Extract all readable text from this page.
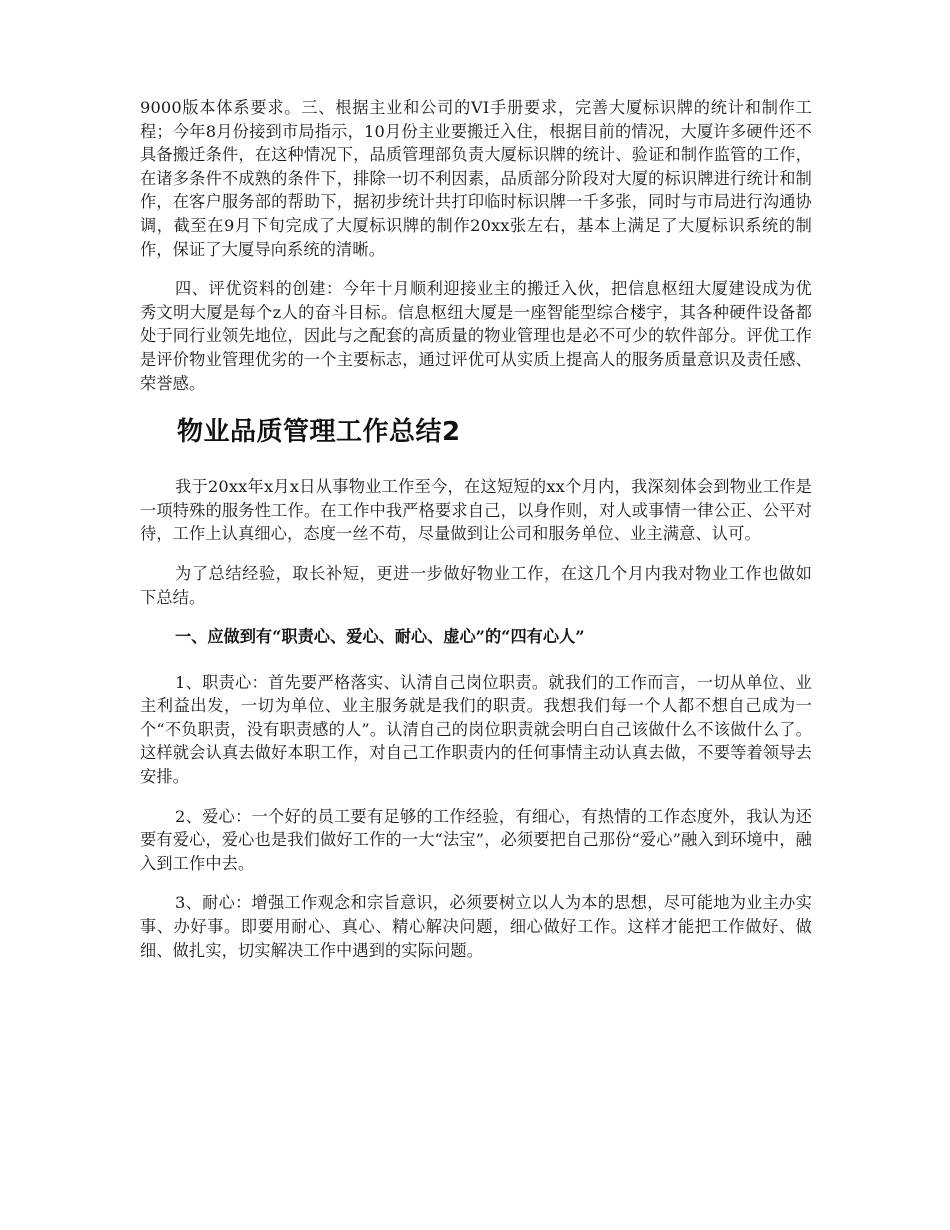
9000版本体系要求。三、根据主业和公司的VI手册要求，完善大厦标识牌的统计和制作工程；今年8月份接到市局指示，10月份主业要搬迁入住，根据目前的情况，大厦许多硬件还不具备搬迁条件，在这种情况下，品质管理部负责大厦标识牌的统计、验证和制作监管的工作，在诸多条件不成熟的条件下，排除一切不利因素，品质部分阶段对大厦的标识牌进行统计和制作，在客户服务部的帮助下，据初步统计共打印临时标识牌一千多张，同时与市局进行沟通协调，截至在9月下旬完成了大厦标识牌的制作20xx张左右，基本上满足了大厦标识系统的制作，保证了大厦导向系统的清晰。

四、评优资料的创建：今年十月顺利迎接业主的搬迁入伙，把信息枢纽大厦建设成为优秀文明大厦是每个z人的奋斗目标。信息枢纽大厦是一座智能型综合楼宇，其各种硬件设备都处于同行业领先地位，因此与之配套的高质量的物业管理也是必不可少的软件部分。评优工作是评价物业管理优劣的一个主要标志，通过评优可从实质上提高人的服务质量意识及责任感、荣誉感。

物业品质管理工作总结2

我于20xx年x月x日从事物业工作至今，在这短短的xx个月内，我深刻体会到物业工作是一项特殊的服务性工作。在工作中我严格要求自己，以身作则，对人或事情一律公正、公平对待，工作上认真细心，态度一丝不苟，尽量做到让公司和服务单位、业主满意、认可。

为了总结经验，取长补短，更进一步做好物业工作，在这几个月内我对物业工作也做如下总结。

一、应做到有“职责心、爱心、耐心、虚心”的“四有心人”

1、职责心：首先要严格落实、认清自己岗位职责。就我们的工作而言，一切从单位、业主利益出发，一切为单位、业主服务就是我们的职责。我想我们每一个人都不想自己成为一个“不负职责，没有职责感的人”。认清自己的岗位职责就会明白自己该做什么不该做什么了。这样就会认真去做好本职工作，对自己工作职责内的任何事情主动认真去做，不要等着领导去安排。

2、爱心：一个好的员工要有足够的工作经验，有细心，有热情的工作态度外，我认为还要有爱心，爱心也是我们做好工作的一大“法宝”，必须要把自己那份“爱心”融入到环境中，融入到工作中去。

3、耐心：增强工作观念和宗旨意识，必须要树立以人为本的思想，尽可能地为业主办实事、办好事。即要用耐心、真心、精心解决问题，细心做好工作。这样才能把工作做好、做细、做扎实，切实解决工作中遇到的实际问题。
